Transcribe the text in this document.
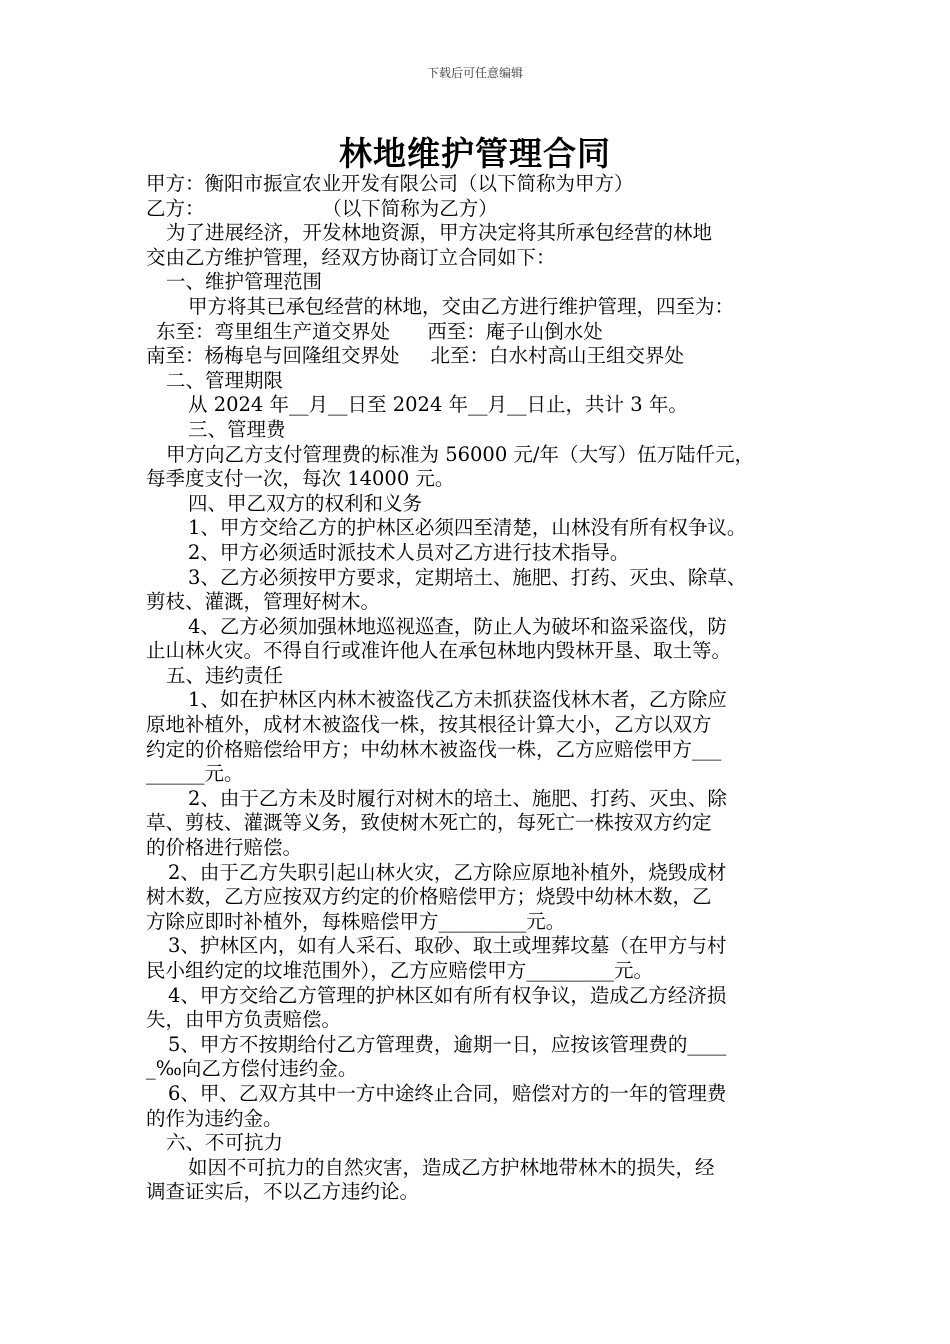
下载后可任意编辑
林地维护管理合同
甲方：衡阳市振宣农业开发有限公司（以下简称为甲方）
乙方：                   （以下简称为乙方）
为了进展经济，开发林地资源，甲方决定将其所承包经营的林地
交由乙方维护管理，经双方协商订立合同如下：
一、维护管理范围
甲方将其已承包经营的林地，交由乙方进行维护管理，四至为：
东至：弯里组生产道交界处      西至：庵子山倒水处
南至：杨梅皂与回隆组交界处     北至：白水村高山王组交界处
二、管理期限
从 2024 年__月__日至 2024 年__月__日止，共计 3 年。
三、管理费
甲方向乙方支付管理费的标准为 56000 元/年（大写）伍万陆仟元，
每季度支付一次，每次 14000 元。
四、甲乙双方的权利和义务
1、甲方交给乙方的护林区必须四至清楚，山林没有所有权争议。
2、甲方必须适时派技术人员对乙方进行技术指导。
3、乙方必须按甲方要求，定期培土、施肥、打药、灭虫、除草、
剪枝、灌溉，管理好树木。
4、乙方必须加强林地巡视巡查，防止人为破坏和盗采盗伐，防
止山林火灾。不得自行或准许他人在承包林地内毁林开垦、取土等。
五、违约责任
1、如在护林区内林木被盗伐乙方未抓获盗伐林木者，乙方除应
原地补植外，成材木被盗伐一株，按其根径计算大小，乙方以双方
约定的价格赔偿给甲方；中幼林木被盗伐一株，乙方应赔偿甲方___
______元。
2、由于乙方未及时履行对树木的培土、施肥、打药、灭虫、除
草、剪枝、灌溉等义务，致使树木死亡的，每死亡一株按双方约定
的价格进行赔偿。
2、由于乙方失职引起山林火灾，乙方除应原地补植外，烧毁成材
树木数，乙方应按双方约定的价格赔偿甲方；烧毁中幼林木数，乙
方除应即时补植外，每株赔偿甲方_________元。
3、护林区内，如有人采石、取砂、取土或埋葬坟墓（在甲方与村
民小组约定的坟堆范围外），乙方应赔偿甲方_________元。
4、甲方交给乙方管理的护林区如有所有权争议，造成乙方经济损
失，由甲方负责赔偿。
5、甲方不按期给付乙方管理费，逾期一日，应按该管理费的____
_‰向乙方偿付违约金。
6、甲、乙双方其中一方中途终止合同，赔偿对方的一年的管理费
的作为违约金。
六、不可抗力
如因不可抗力的自然灾害，造成乙方护林地带林木的损失，经
调查证实后，不以乙方违约论。
